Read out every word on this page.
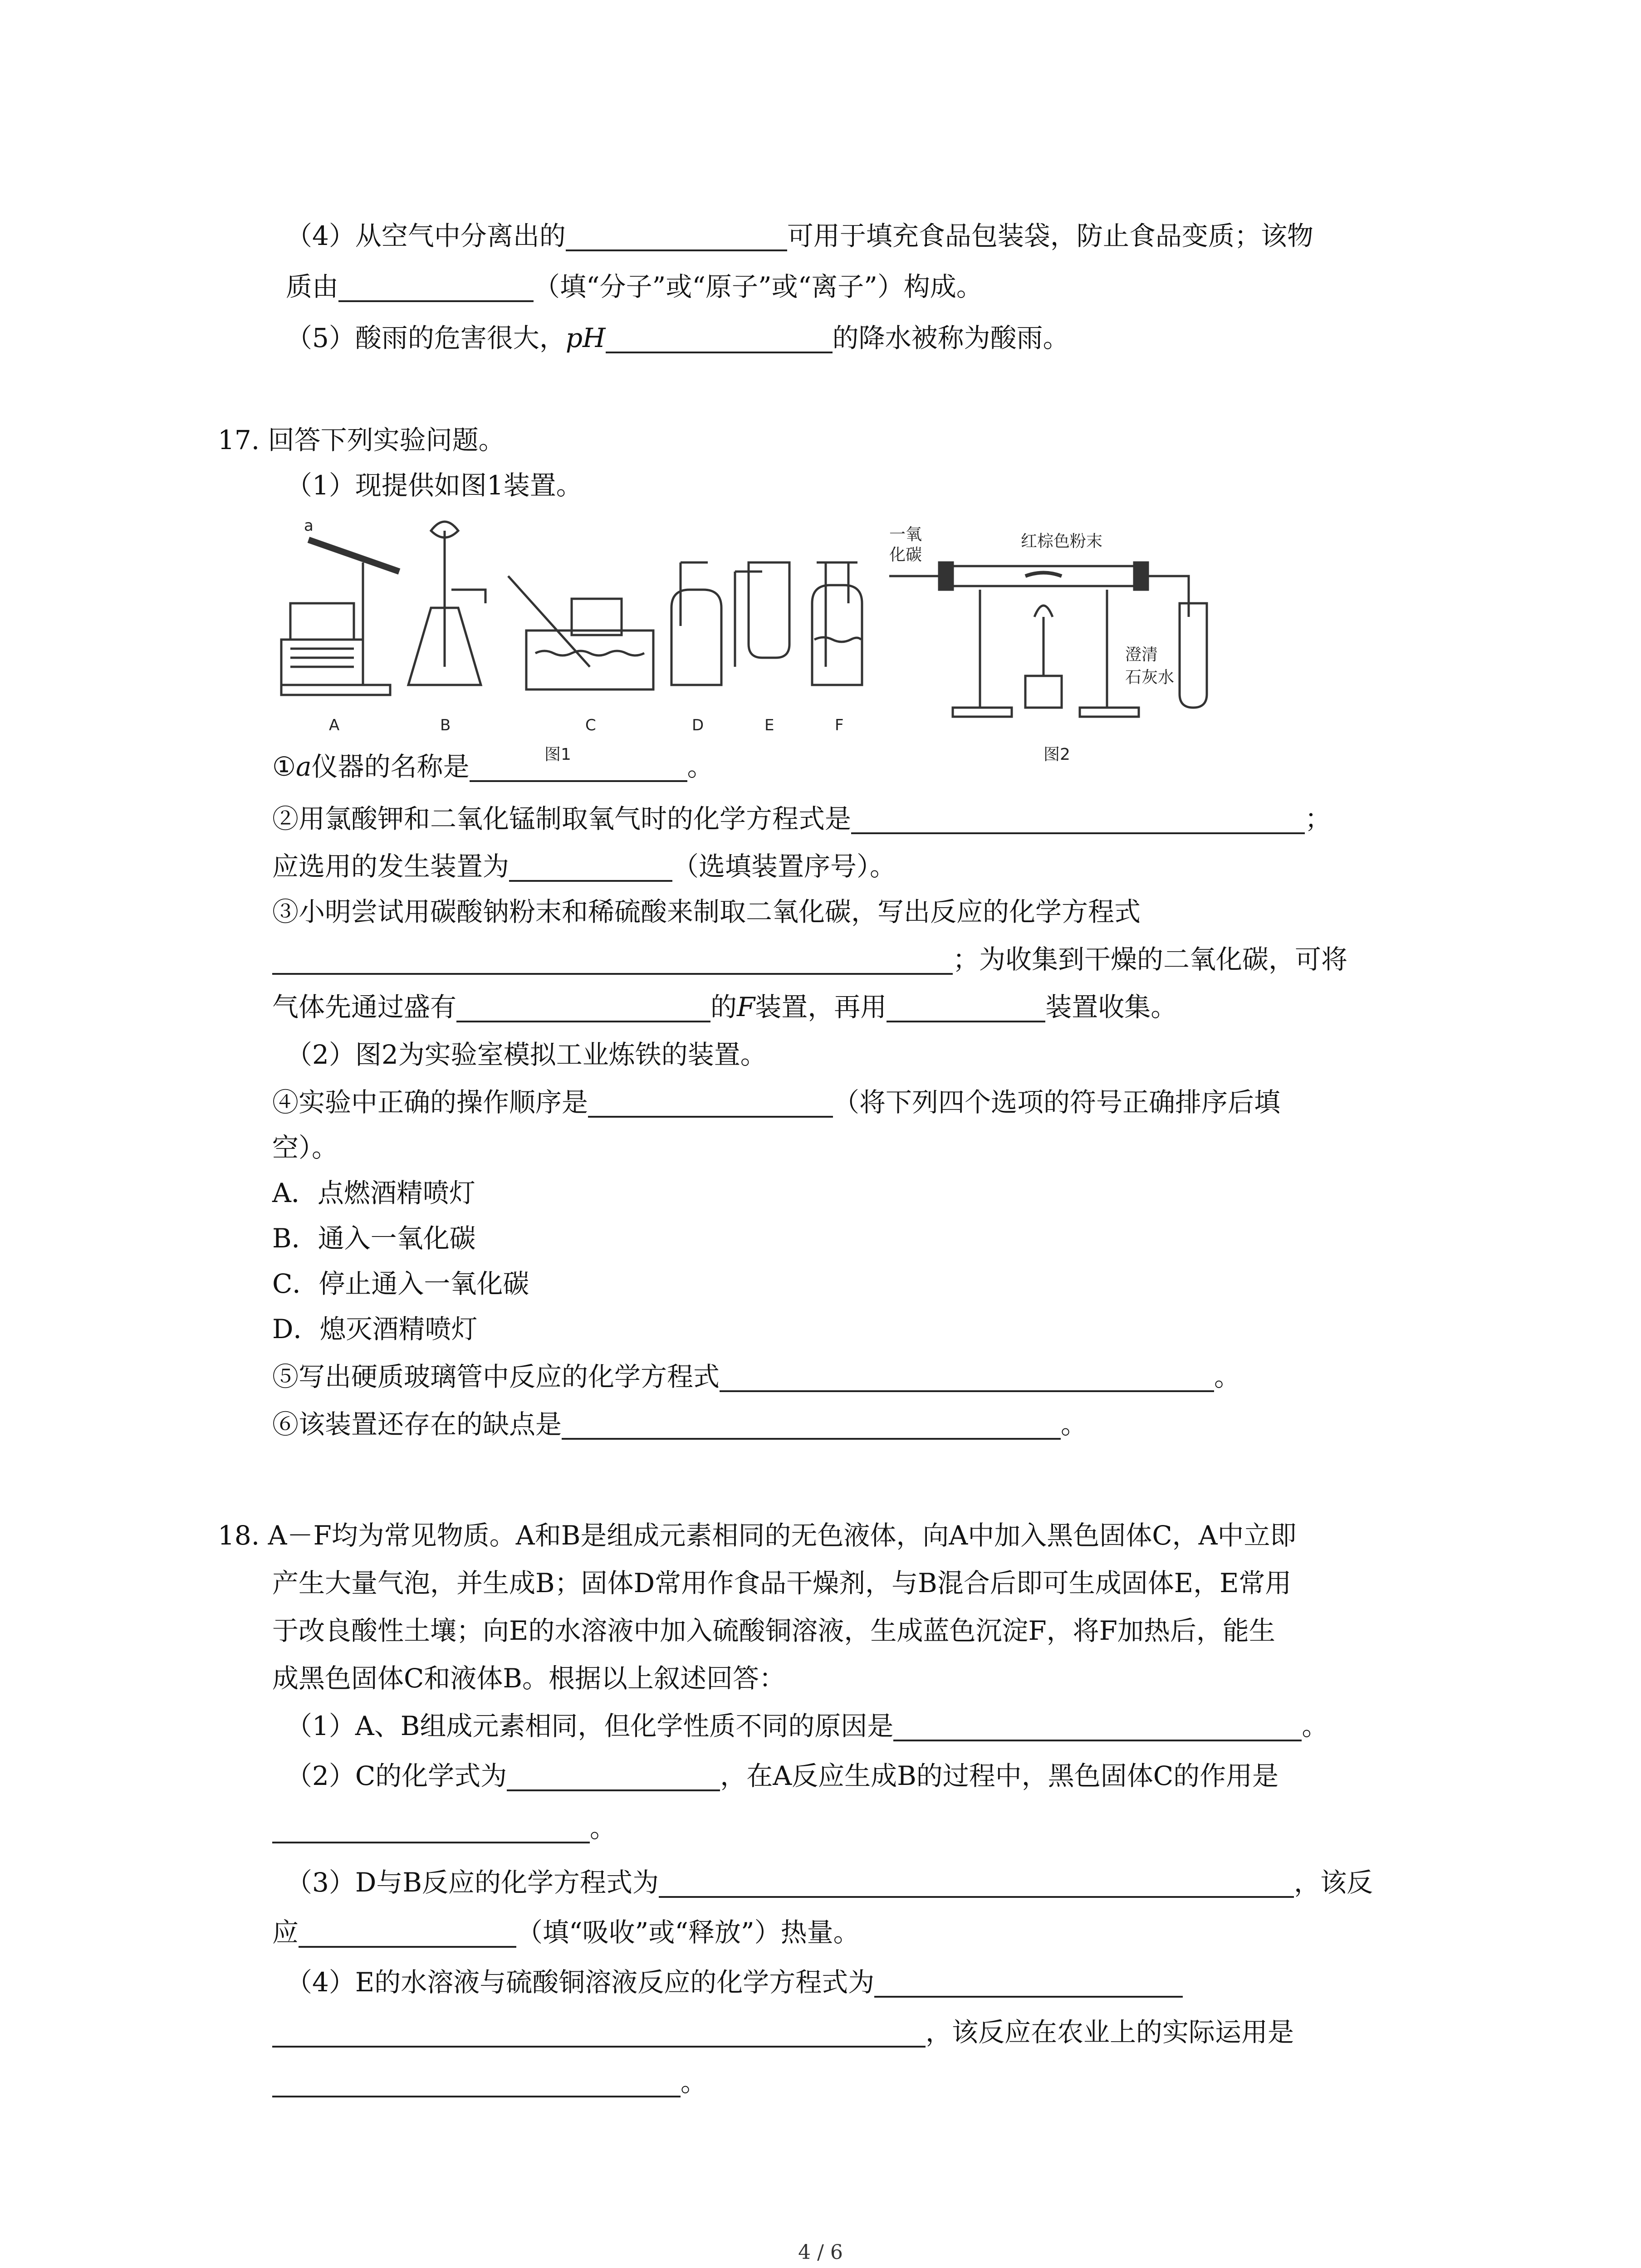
（4）从空气中分离出的	可用于填充食品包装袋，防止食品变质；该物
质由	（填“分子”或“原子”或“离子”）构成。
（5）酸雨的危害很大，pH	的降水被称为酸雨。
17. 回答下列实验问题。
（1）现提供如图1装置。
a
A	B	C	D	E	F
图1	图2
一氧
化碳
红棕色粉末
澄清
石灰水
①a仪器的名称是	。
②用氯酸钾和二氧化锰制取氧气时的化学方程式是	；
应选用的发生装置为	（选填装置序号）。
③小明尝试用碳酸钠粉末和稀硫酸来制取二氧化碳，写出反应的化学方程式
；为收集到干燥的二氧化碳，可将
气体先通过盛有	的F装置，再用	装置收集。
（2）图2为实验室模拟工业炼铁的装置。
④实验中正确的操作顺序是	（将下列四个选项的符号正确排序后填
空）。
A．点燃酒精喷灯
B．通入一氧化碳
C．停止通入一氧化碳
D．熄灭酒精喷灯
⑤写出硬质玻璃管中反应的化学方程式	。
⑥该装置还存在的缺点是	。
18. A－F均为常见物质。A和B是组成元素相同的无色液体，向A中加入黑色固体C，A中立即
产生大量气泡，并生成B；固体D常用作食品干燥剂，与B混合后即可生成固体E，E常用
于改良酸性土壤；向E的水溶液中加入硫酸铜溶液，生成蓝色沉淀F，将F加热后，能生
成黑色固体C和液体B。根据以上叙述回答：
（1）A、B组成元素相同，但化学性质不同的原因是	。
（2）C的化学式为	，在A反应生成B的过程中，黑色固体C的作用是
。
（3）D与B反应的化学方程式为	，该反
应	（填“吸收”或“释放”）热量。
（4）E的水溶液与硫酸铜溶液反应的化学方程式为
，该反应在农业上的实际运用是
。
4 / 6
